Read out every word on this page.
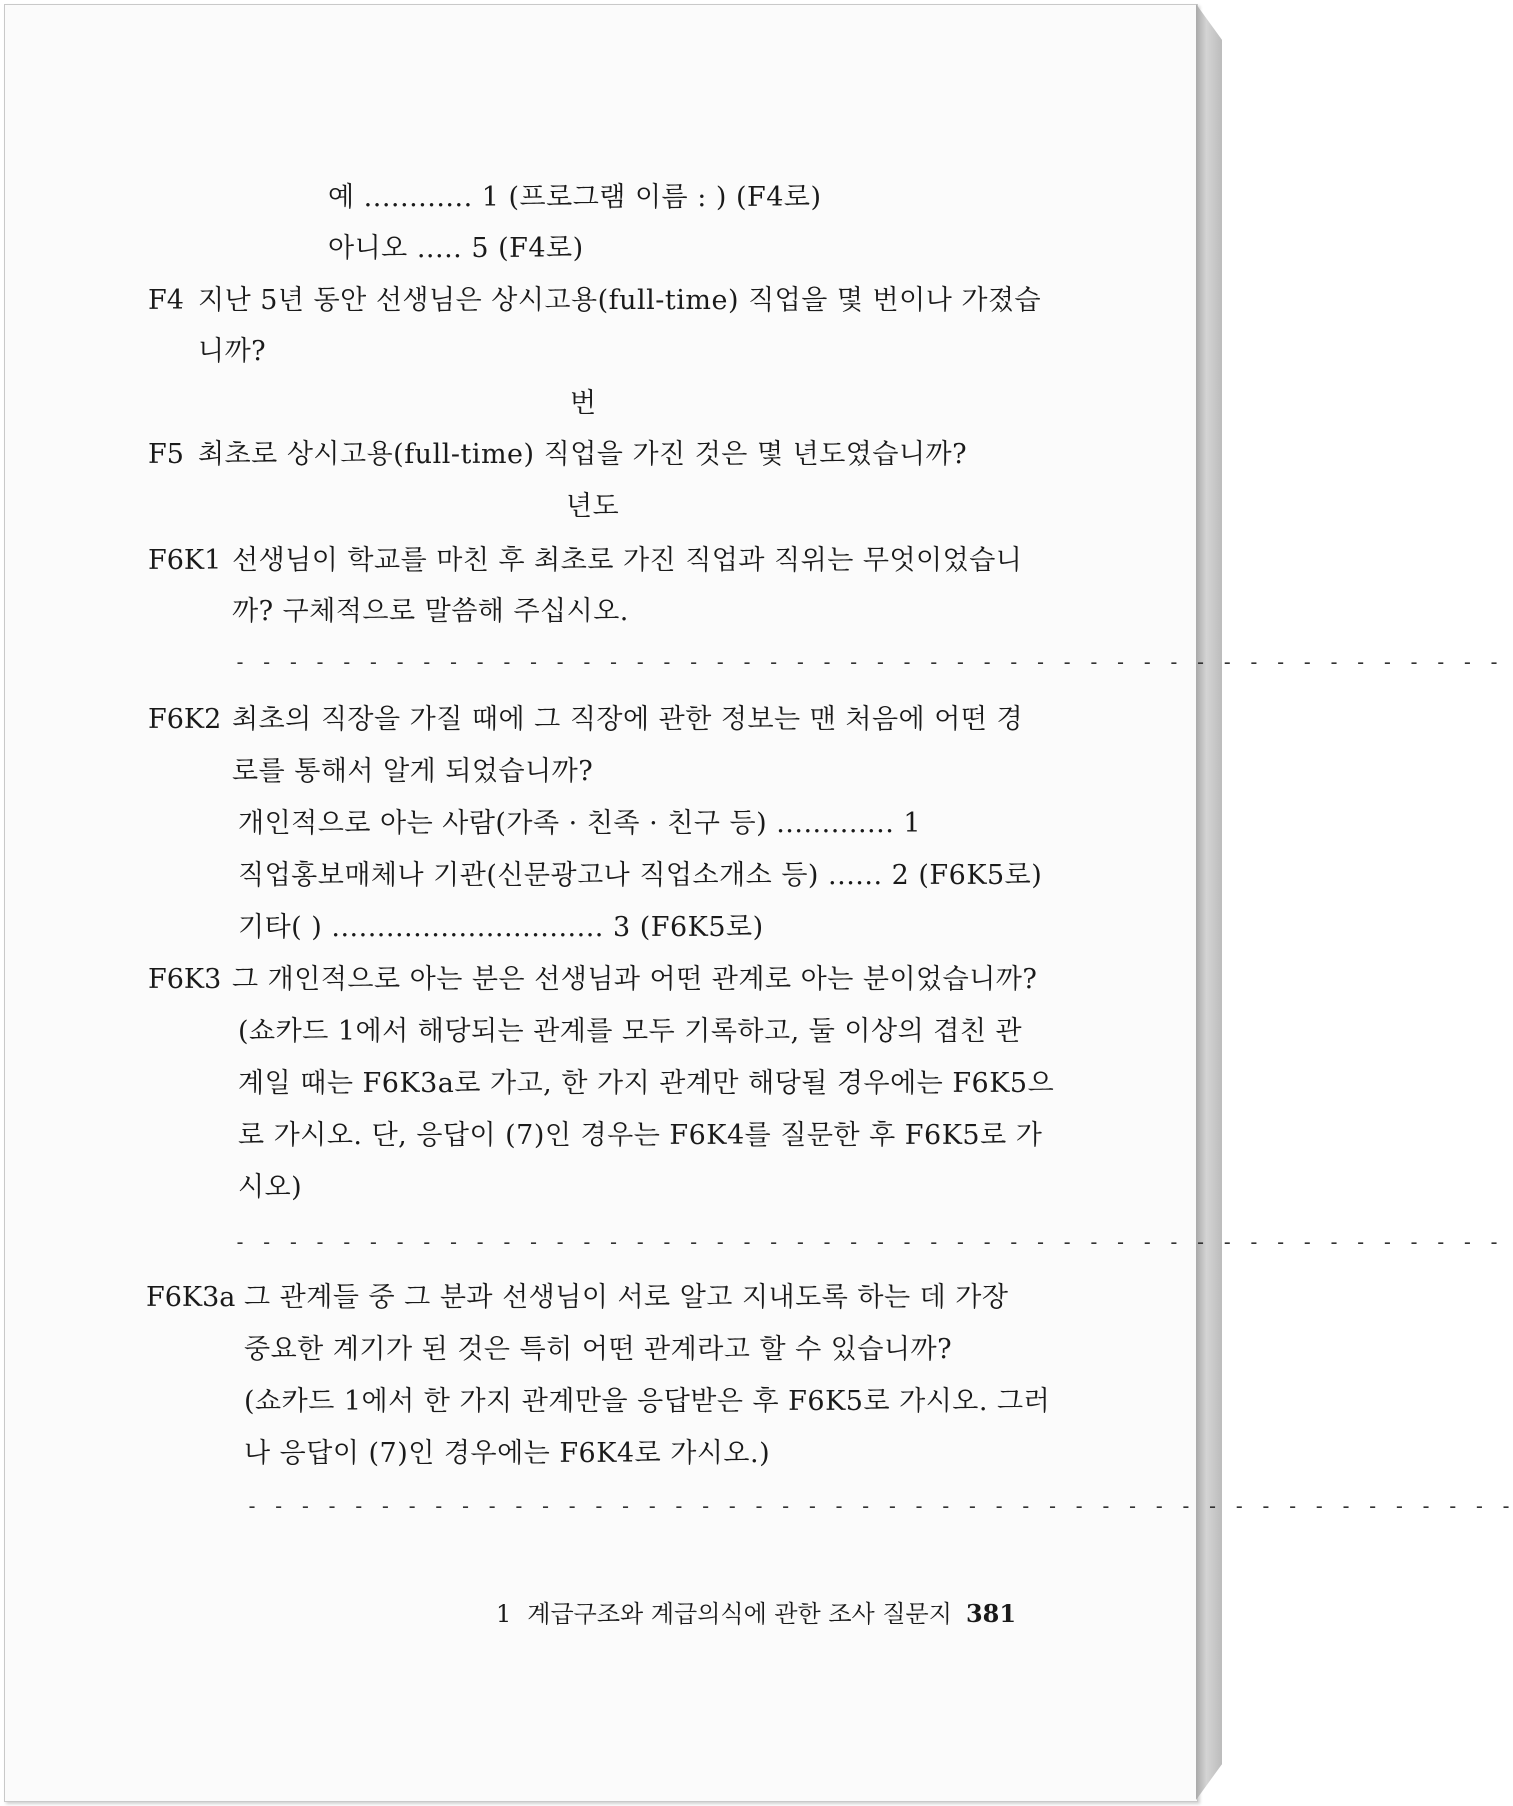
예 ............ 1 (프로그램 이름 : ) (F4로)
아니오 ..... 5 (F4로)
F4 지난 5년 동안 선생님은 상시고용(full-time) 직업을 몇 번이나 가졌습
니까?
번
F5 최초로 상시고용(full-time) 직업을 가진 것은 몇 년도였습니까?
년도
F6K1 선생님이 학교를 마친 후 최초로 가진 직업과 직위는 무엇이었습니
까? 구체적으로 말씀해 주십시오.
- - - - - - - - - - - - - - - - - - - - - - - - - - - - - - - - - - - - - - - - - - - - - - - -
F6K2 최초의 직장을 가질 때에 그 직장에 관한 정보는 맨 처음에 어떤 경
로를 통해서 알게 되었습니까?
개인적으로 아는 사람(가족 · 친족 · 친구 등) ............. 1
직업홍보매체나 기관(신문광고나 직업소개소 등) ...... 2 (F6K5로)
기타( ) .............................. 3 (F6K5로)
F6K3 그 개인적으로 아는 분은 선생님과 어떤 관계로 아는 분이었습니까?
(쇼카드 1에서 해당되는 관계를 모두 기록하고, 둘 이상의 겹친 관
계일 때는 F6K3a로 가고, 한 가지 관계만 해당될 경우에는 F6K5으
로 가시오. 단, 응답이 (7)인 경우는 F6K4를 질문한 후 F6K5로 가
시오)
- - - - - - - - - - - - - - - - - - - - - - - - - - - - - - - - - - - - - - - - - - - - - - - -
F6K3a 그 관계들 중 그 분과 선생님이 서로 알고 지내도록 하는 데 가장
중요한 계기가 된 것은 특히 어떤 관계라고 할 수 있습니까?
(쇼카드 1에서 한 가지 관계만을 응답받은 후 F6K5로 가시오. 그러
나 응답이 (7)인 경우에는 F6K4로 가시오.)
- - - - - - - - - - - - - - - - - - - - - - - - - - - - - - - - - - - - - - - - - - - - - - - -
1 계급구조와 계급의식에 관한 조사 질문지 381
